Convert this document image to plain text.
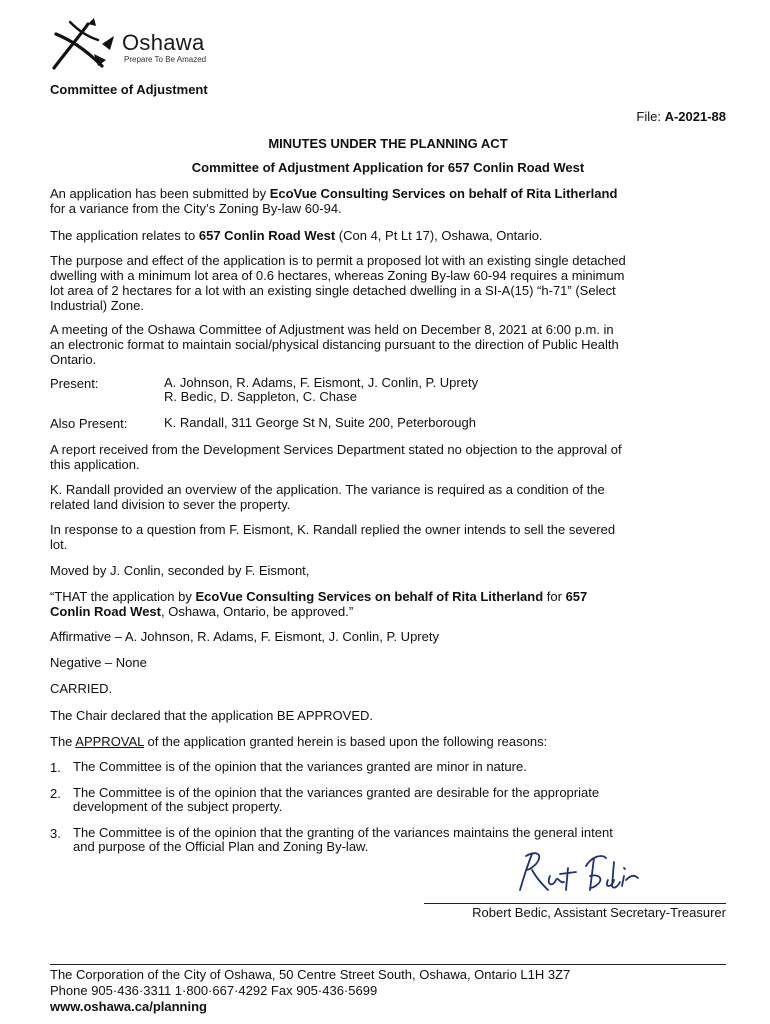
Oshawa
Prepare To Be Amazed
Committee of Adjustment
File: A-2021-88
MINUTES UNDER THE PLANNING ACT
Committee of Adjustment Application for 657 Conlin Road West
An application has been submitted by EcoVue Consulting Services on behalf of Rita Litherland
for a variance from the City’s Zoning By-law 60-94.
The application relates to 657 Conlin Road West (Con 4, Pt Lt 17), Oshawa, Ontario.
The purpose and effect of the application is to permit a proposed lot with an existing single detached
dwelling with a minimum lot area of 0.6 hectares, whereas Zoning By-law 60-94 requires a minimum
lot area of 2 hectares for a lot with an existing single detached dwelling in a SI-A(15) “h-71” (Select
Industrial) Zone.
A meeting of the Oshawa Committee of Adjustment was held on December 8, 2021 at 6:00 p.m. in
an electronic format to maintain social/physical distancing pursuant to the direction of Public Health
Ontario.
Present:	A. Johnson, R. Adams, F. Eismont, J. Conlin, P. Uprety
R. Bedic, D. Sappleton, C. Chase
Also Present:	K. Randall, 311 George St N, Suite 200, Peterborough
A report received from the Development Services Department stated no objection to the approval of
this application.
K. Randall provided an overview of the application. The variance is required as a condition of the
related land division to sever the property.
In response to a question from F. Eismont, K. Randall replied the owner intends to sell the severed
lot.
Moved by J. Conlin, seconded by F. Eismont,
“THAT the application by EcoVue Consulting Services on behalf of Rita Litherland for 657
Conlin Road West, Oshawa, Ontario, be approved.”
Affirmative – A. Johnson, R. Adams, F. Eismont, J. Conlin, P. Uprety
Negative – None
CARRIED.
The Chair declared that the application BE APPROVED.
The APPROVAL of the application granted herein is based upon the following reasons:
1. The Committee is of the opinion that the variances granted are minor in nature.
2. The Committee is of the opinion that the variances granted are desirable for the appropriate
development of the subject property.
3. The Committee is of the opinion that the granting of the variances maintains the general intent
and purpose of the Official Plan and Zoning By-law.
Robert Bedic, Assistant Secretary-Treasurer
The Corporation of the City of Oshawa, 50 Centre Street South, Oshawa, Ontario L1H 3Z7
Phone 905·436·3311 1·800·667·4292 Fax 905·436·5699
www.oshawa.ca/planning
